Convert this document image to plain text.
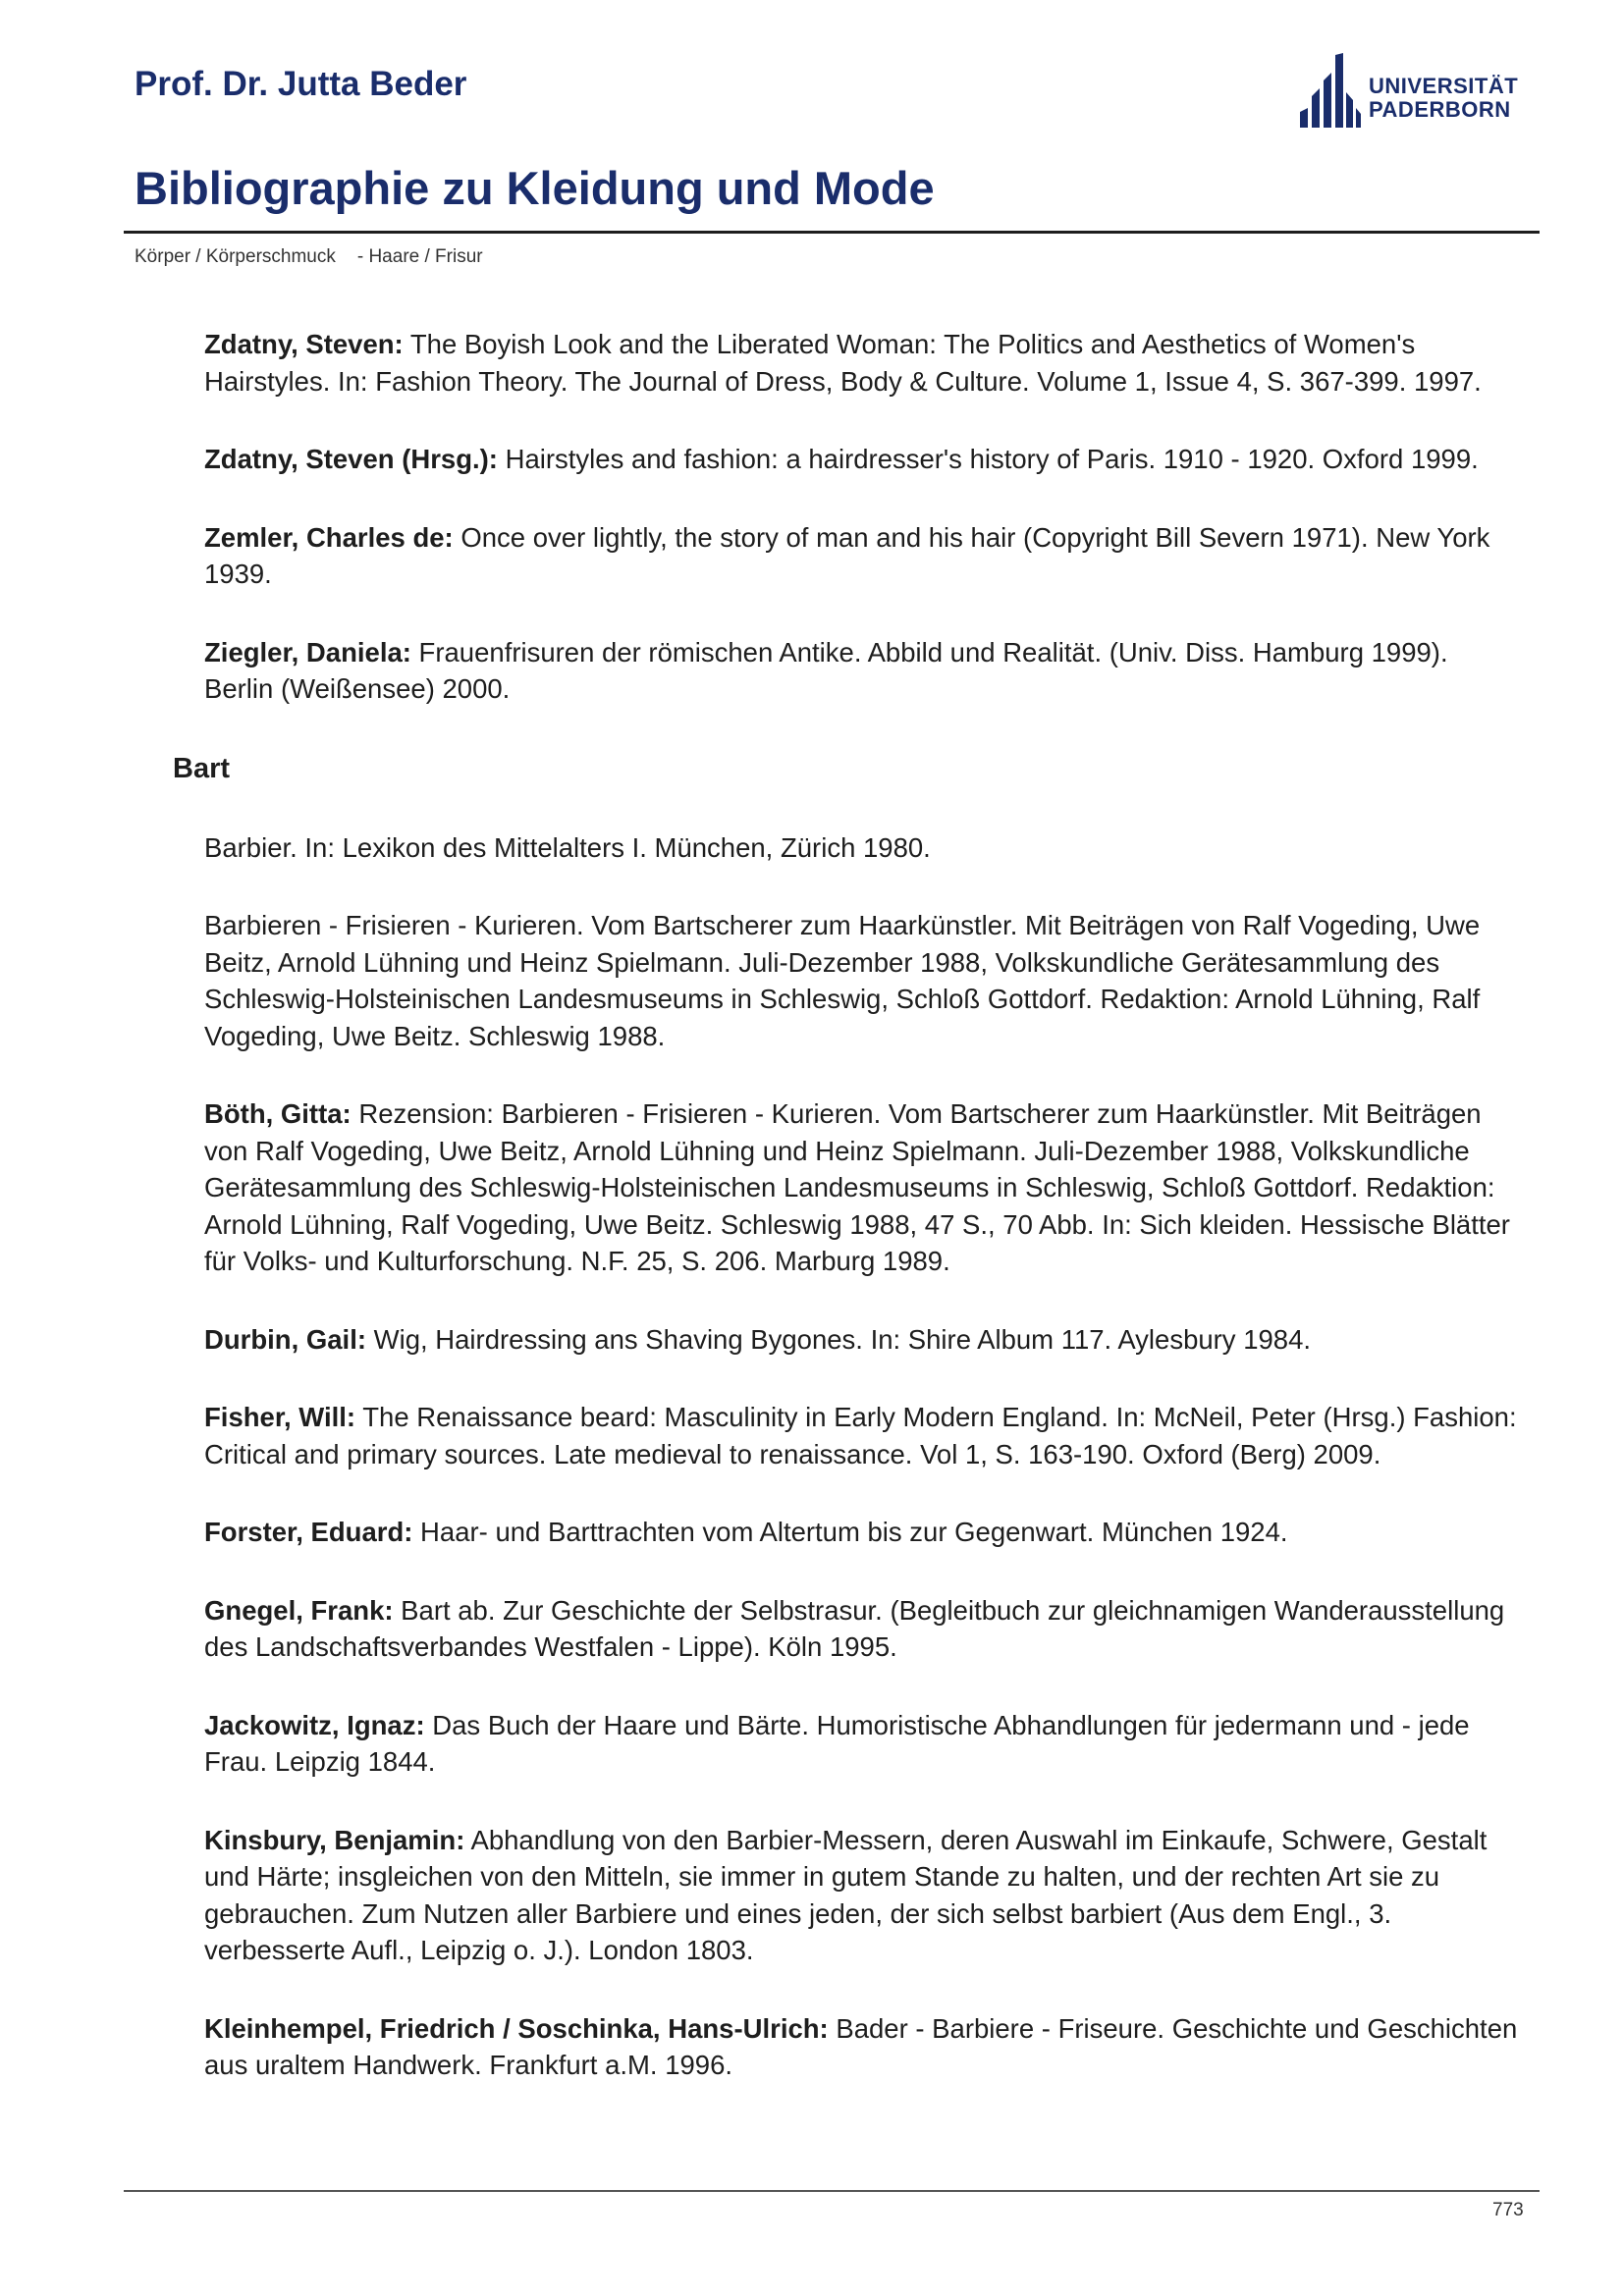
Prof. Dr. Jutta Beder	UNIVERSITÄT
PADERBORN
Bibliographie zu Kleidung und Mode
Körper / Körperschmuck - Haare / Frisur
Zdatny, Steven: The Boyish Look and the Liberated Woman: The Politics and Aesthetics of Women's Hairstyles. In: Fashion Theory. The Journal of Dress, Body & Culture. Volume 1, Issue 4, S. 367-399. 1997.
Zdatny, Steven (Hrsg.): Hairstyles and fashion: a hairdresser's history of Paris. 1910 - 1920. Oxford 1999.
Zemler, Charles de: Once over lightly, the story of man and his hair (Copyright Bill Severn 1971). New York 1939.
Ziegler, Daniela: Frauenfrisuren der römischen Antike. Abbild und Realität. (Univ. Diss. Hamburg 1999). Berlin (Weißensee) 2000.
Bart
Barbier. In: Lexikon des Mittelalters I. München, Zürich 1980.
Barbieren - Frisieren - Kurieren. Vom Bartscherer zum Haarkünstler. Mit Beiträgen von Ralf Vogeding, Uwe Beitz, Arnold Lühning und Heinz Spielmann. Juli-Dezember 1988, Volkskundliche Gerätesammlung des Schleswig-Holsteinischen Landesmuseums in Schleswig, Schloß Gottdorf. Redaktion: Arnold Lühning, Ralf Vogeding, Uwe Beitz. Schleswig 1988.
Böth, Gitta: Rezension: Barbieren - Frisieren - Kurieren. Vom Bartscherer zum Haarkünstler. Mit Beiträgen von Ralf Vogeding, Uwe Beitz, Arnold Lühning und Heinz Spielmann. Juli-Dezember 1988, Volkskundliche Gerätesammlung des Schleswig-Holsteinischen Landesmuseums in Schleswig, Schloß Gottdorf. Redaktion: Arnold Lühning, Ralf Vogeding, Uwe Beitz. Schleswig 1988, 47 S., 70 Abb. In: Sich kleiden. Hessische Blätter für Volks- und Kulturforschung. N.F. 25, S. 206. Marburg 1989.
Durbin, Gail: Wig, Hairdressing ans Shaving Bygones. In: Shire Album 117. Aylesbury 1984.
Fisher, Will: The Renaissance beard: Masculinity in Early Modern England. In: McNeil, Peter (Hrsg.) Fashion: Critical and primary sources. Late medieval to renaissance. Vol 1, S. 163-190. Oxford (Berg) 2009.
Forster, Eduard: Haar- und Barttrachten vom Altertum bis zur Gegenwart. München 1924.
Gnegel, Frank: Bart ab. Zur Geschichte der Selbstrasur. (Begleitbuch zur gleichnamigen Wanderausstellung des Landschaftsverbandes Westfalen - Lippe). Köln 1995.
Jackowitz, Ignaz: Das Buch der Haare und Bärte. Humoristische Abhandlungen für jedermann und - jede Frau. Leipzig 1844.
Kinsbury, Benjamin: Abhandlung von den Barbier-Messern, deren Auswahl im Einkaufe, Schwere, Gestalt und Härte; insgleichen von den Mitteln, sie immer in gutem Stande zu halten, und der rechten Art sie zu gebrauchen. Zum Nutzen aller Barbiere und eines jeden, der sich selbst barbiert (Aus dem Engl., 3. verbesserte Aufl., Leipzig o. J.). London 1803.
Kleinhempel, Friedrich / Soschinka, Hans-Ulrich: Bader - Barbiere - Friseure. Geschichte und Geschichten aus uraltem Handwerk. Frankfurt a.M. 1996.
773
